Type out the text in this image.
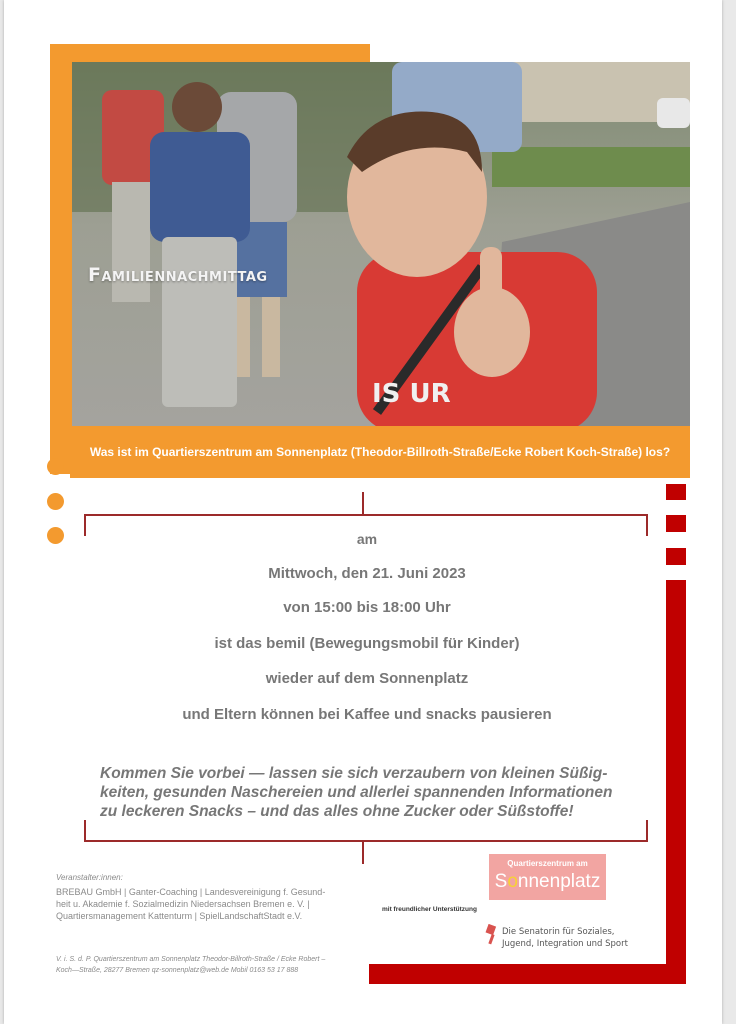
IS UR
Familiennachmittag
Was ist im Quartierszentrum am Sonnenplatz (Theodor-Billroth-Straße/Ecke Robert Koch-Straße) los?
am
Mittwoch, den 21. Juni 2023
von 15:00 bis 18:00 Uhr
ist das bemil (Bewegungsmobil für Kinder)
wieder auf dem Sonnenplatz
und Eltern können bei Kaffee und snacks pausieren
Kommen Sie vorbei — lassen sie sich verzaubern von kleinen Süßig-
keiten, gesunden Naschereien und allerlei spannenden Informationen
zu leckeren Snacks – und das alles ohne Zucker oder Süßstoffe!
Veranstalter:innen:
BREBAU GmbH | Ganter-Coaching | Landesvereinigung f. Gesund-
heit u. Akademie f. Sozialmedizin Niedersachsen Bremen e. V. |
Quartiersmanagement Kattenturm | SpielLandschaftStadt e.V.
mit freundlicher Unterstützung
Quartierszentrum am
Sonnenplatz
Die Senatorin für Soziales,
Jugend, Integration und Sport
V. i. S. d. P. Quartierszentrum am Sonnenplatz Theodor-Billroth-Straße / Ecke Robert –
Koch—Straße, 28277 Bremen qz-sonnenplatz@web.de Mobil 0163 53 17 888
